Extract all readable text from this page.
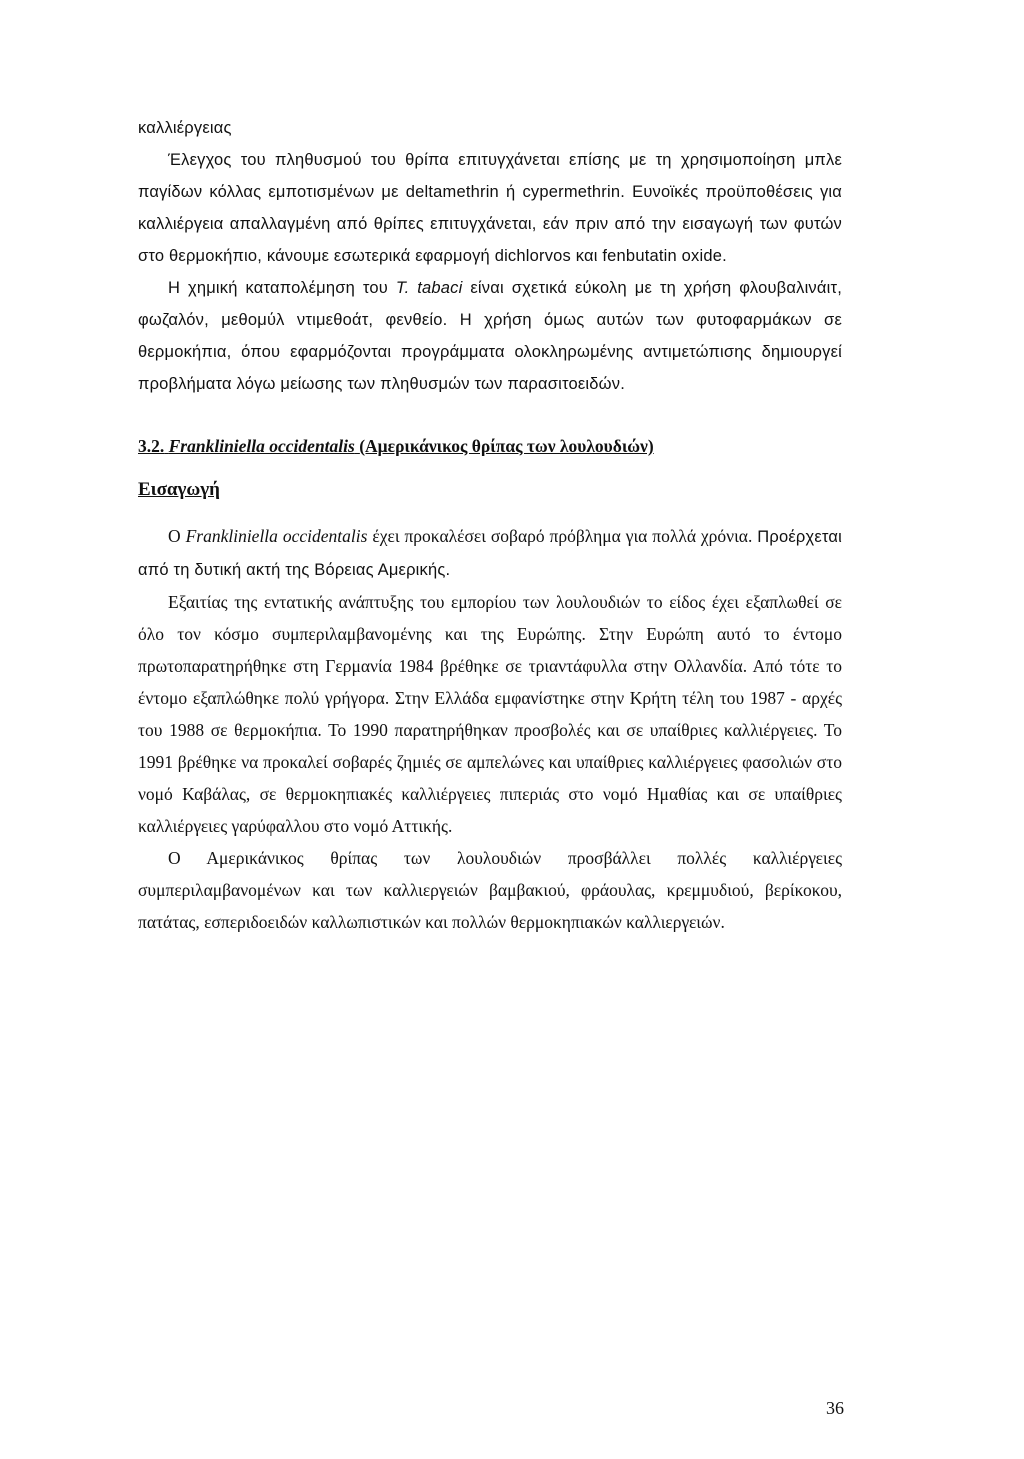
καλλιέργειας

Έλεγχος του πληθυσμού του θρίπα επιτυγχάνεται επίσης με τη χρησιμοποίηση μπλε παγίδων κόλλας εμποτισμένων με deltamethrin ή cypermethrin. Ευνοϊκές προϋποθέσεις για καλλιέργεια απαλλαγμένη από θρίπες επιτυγχάνεται, εάν πριν από την εισαγωγή των φυτών στο θερμοκήπιο, κάνουμε εσωτερικά εφαρμογή dichlorvos και fenbutatin oxide.

Η χημική καταπολέμηση του T. tabaci είναι σχετικά εύκολη με τη χρήση φλουβαλινάιτ, φωζαλόν, μεθομύλ ντιμεθοάτ, φενθείο. Η χρήση όμως αυτών των φυτοφαρμάκων σε θερμοκήπια, όπου εφαρμόζονται προγράμματα ολοκληρωμένης αντιμετώπισης δημιουργεί προβλήματα λόγω μείωσης των πληθυσμών των παρασιτοειδών.

3.2. Frankliniella occidentalis (Αμερικάνικος θρίπας των λουλουδιών)
Εισαγωγή

Ο Frankliniella occidentalis έχει προκαλέσει σοβαρό πρόβλημα για πολλά χρόνια. Προέρχεται από τη δυτική ακτή της Βόρειας Αμερικής.

Εξαιτίας της εντατικής ανάπτυξης του εμπορίου των λουλουδιών το είδος έχει εξαπλωθεί σε όλο τον κόσμο συμπεριλαμβανομένης και της Ευρώπης. Στην Ευρώπη αυτό το έντομο πρωτοπαρατηρήθηκε στη Γερμανία 1984 βρέθηκε σε τριαντάφυλλα στην Ολλανδία. Από τότε το έντομο εξαπλώθηκε πολύ γρήγορα. Στην Ελλάδα εμφανίστηκε στην Κρήτη τέλη του 1987 - αρχές του 1988 σε θερμοκήπια. Το 1990 παρατηρήθηκαν προσβολές και σε υπαίθριες καλλιέργειες. Το 1991 βρέθηκε να προκαλεί σοβαρές ζημιές σε αμπελώνες και υπαίθριες καλλιέργειες φασολιών στο νομό Καβάλας, σε θερμοκηπιακές καλλιέργειες πιπεριάς στο νομό Ημαθίας και σε υπαίθριες καλλιέργειες γαρύφαλλου στο νομό Αττικής.

Ο Αμερικάνικος θρίπας των λουλουδιών προσβάλλει πολλές καλλιέργειες συμπεριλαμβανομένων και των καλλιεργειών βαμβακιού, φράουλας, κρεμμυδιού, βερίκοκου, πατάτας, εσπεριδοειδών καλλωπιστικών και πολλών θερμοκηπιακών καλλιεργειών.

36
